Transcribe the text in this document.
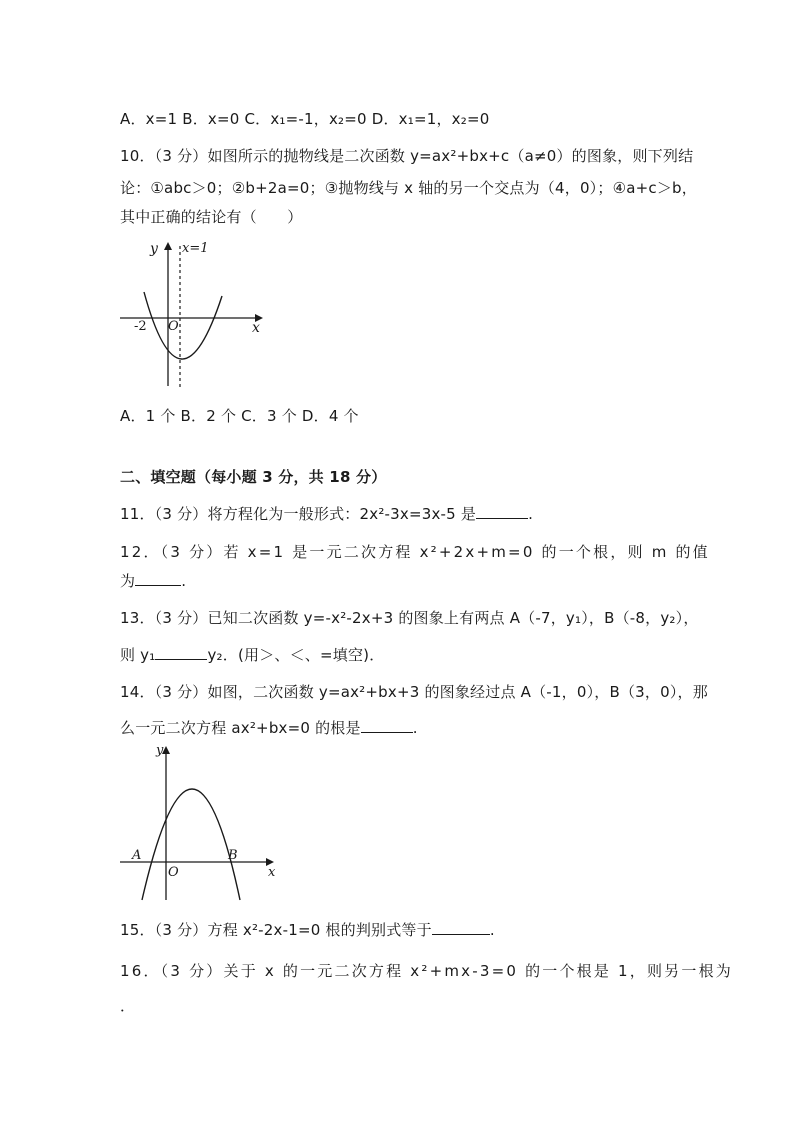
A．x=1 B．x=0 C．x₁=-1，x₂=0 D．x₁=1，x₂=0
10．（3 分）如图所示的抛物线是二次函数 y=ax²+bx+c（a≠0）的图象，则下列结
论：①abc＞0；②b+2a=0；③抛物线与 x 轴的另一个交点为（4，0）；④a+c＞b，
其中正确的结论有（　　）
y x=1
x
O
-2
A．1 个 B．2 个 C．3 个 D．4 个
二、填空题（每小题 3 分，共 18 分）
11．（3 分）将方程化为一般形式：2x²-3x=3x-5 是	.
12．（3 分）若 x=1 是一元二次方程 x²+2x+m=0 的一个根，则 m 的值
为	.
13．（3 分）已知二次函数 y=-x²-2x+3 的图象上有两点 A（-7，y₁），B（-8，y₂），
则 y₁	y₂．(用＞、＜、=填空)．
14．（3 分）如图，二次函数 y=ax²+bx+3 的图象经过点 A（-1，0），B（3，0），那
么一元二次方程 ax²+bx=0 的根是	.
y
x
O
A	B
15．（3 分）方程 x²-2x-1=0 根的判别式等于	.
16．（3 分）关于 x 的一元二次方程 x²+mx-3=0 的一个根是 1，则另一根为
．
